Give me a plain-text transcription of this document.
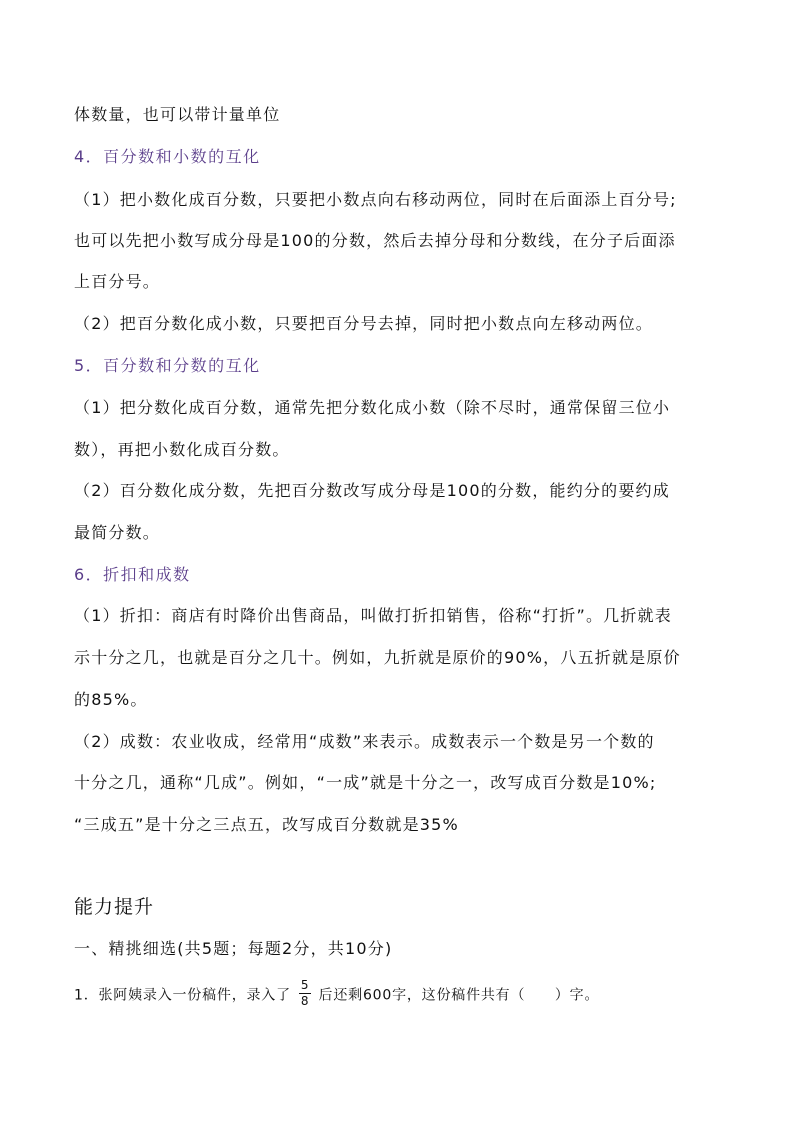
体数量，也可以带计量单位
4．百分数和小数的互化
（1）把小数化成百分数，只要把小数点向右移动两位，同时在后面添上百分号;
也可以先把小数写成分母是100的分数，然后去掉分母和分数线，在分子后面添
上百分号。
（2）把百分数化成小数，只要把百分号去掉，同时把小数点向左移动两位。
5．百分数和分数的互化
（1）把分数化成百分数，通常先把分数化成小数（除不尽时，通常保留三位小
数），再把小数化成百分数。
（2）百分数化成分数，先把百分数改写成分母是100的分数，能约分的要约成
最简分数。
6．折扣和成数
（1）折扣：商店有时降价出售商品，叫做打折扣销售，俗称“打折”。几折就表
示十分之几，也就是百分之几十。例如，九折就是原价的90%，八五折就是原价
的85%。
（2）成数：农业收成，经常用“成数”来表示。成数表示一个数是另一个数的
十分之几，通称“几成”。例如，“一成”就是十分之一，改写成百分数是10%;
“三成五”是十分之三点五，改写成百分数就是35%
能力提升
一、精挑细选(共5题；每题2分，共10分)
1．张阿姨录入一份稿件，录入了 $\frac{5}{8}$ 后还剩600字，这份稿件共有（　　）字。
